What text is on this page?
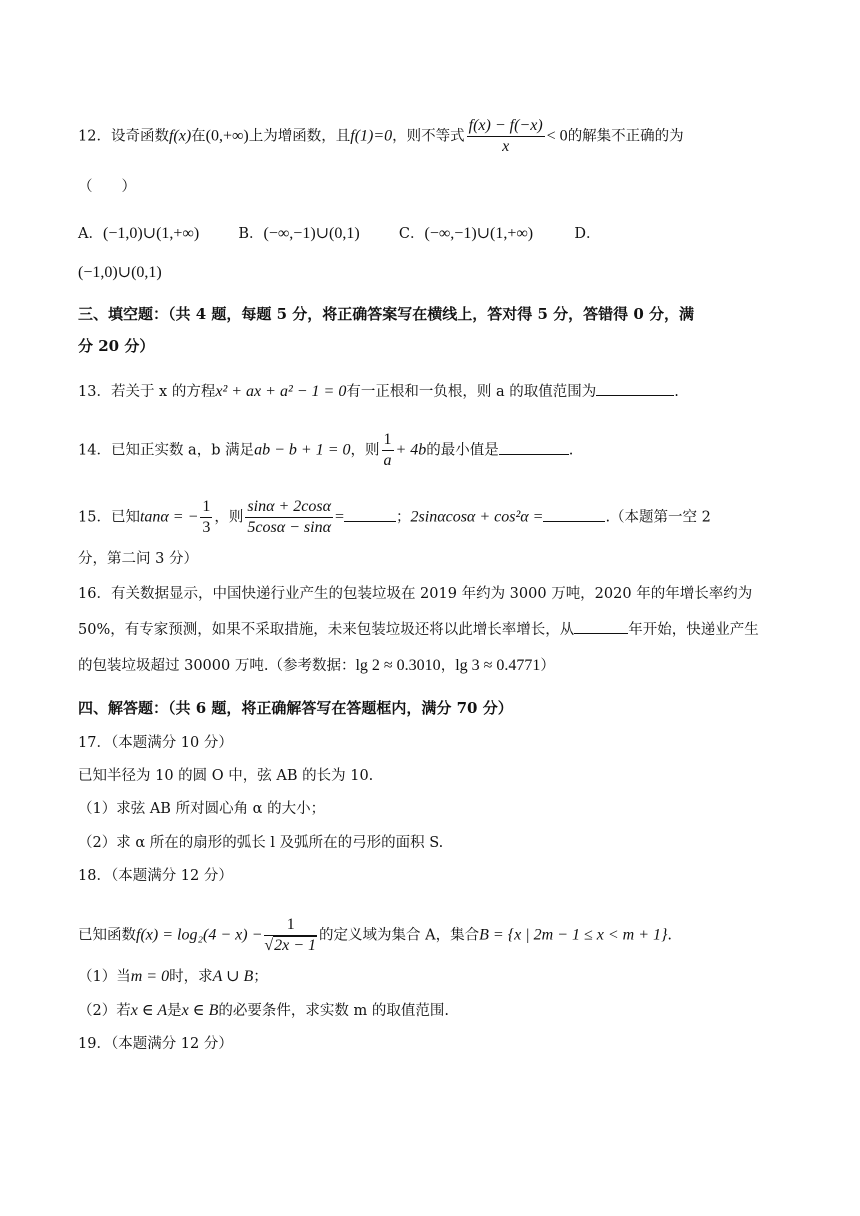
12．设奇函数f(x)在(0,+∞)上为增函数，且f(1)=0，则不等式 $\frac{f(x) - f(-x)}{x} < 0$的解集不正确的为
（　　）
A．(−1,0)∪(1,+∞)	B．(−∞,−1)∪(0,1)	C．(−∞,−1)∪(1,+∞)	D．
(−1,0)∪(0,1)
三、填空题：（共 4 题，每题 5 分，将正确答案写在横线上，答对得 5 分，答错得 0 分，满
分 20 分）
13．若关于 x 的方程x² + ax + a² − 1 = 0有一正根和一负根，则 a 的取值范围为	.
14．已知正实数 a，b 满足ab − b + 1 = 0，则 $\frac{1}{a} + 4b$的最小值是	.
15．已知tanα = − $\frac{1}{3}$ ，则 $\frac{\sin\alpha + 2\cos\alpha}{5\cos\alpha - \sin\alpha}$ =	；2sinαcosα + cos²α =	.（本题第一空 2
分，第二问 3 分）
16．有关数据显示，中国快递行业产生的包装垃圾在 2019 年约为 3000 万吨，2020 年的年增长率约为
50%，有专家预测，如果不采取措施，未来包装垃圾还将以此增长率增长，从	年开始，快递业产生
的包装垃圾超过 30000 万吨.（参考数据：lg 2 ≈ 0.3010，lg 3 ≈ 0.4771）
四、解答题：（共 6 题，将正确解答写在答题框内，满分 70 分）
17．（本题满分 10 分）
已知半径为 10 的圆 O 中，弦 AB 的长为 10.
（1）求弦 AB 所对圆心角 α 的大小；
（2）求 α 所在的扇形的弧长 l 及弧所在的弓形的面积 S.
18．（本题满分 12 分）
已知函数$f(x) = \log_2(4 - x) - \frac{1}{√2x - 1}$ 的定义域为集合 A，集合B = {x | 2m − 1 ≤ x < m + 1}.
（1）当m = 0时，求A ∪ B；
（2）若x ∈ A是x ∈ B的必要条件，求实数 m 的取值范围.
19．（本题满分 12 分）
